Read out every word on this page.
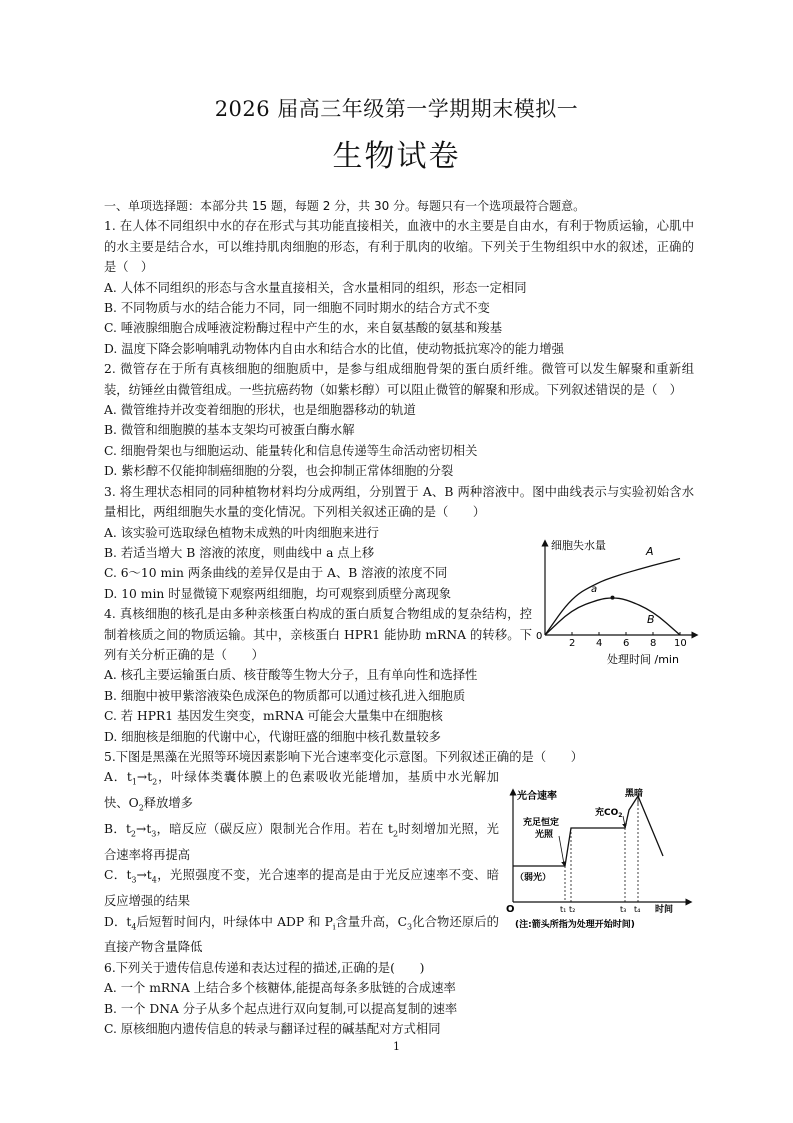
2026 届高三年级第一学期期末模拟一
生物试卷

一、单项选择题：本部分共 15 题，每题 2 分，共 30 分。每题只有一个选项最符合题意。

1. 在人体不同组织中水的存在形式与其功能直接相关，血液中的水主要是自由水，有利于物质运输，心肌中的水主要是结合水，可以维持肌肉细胞的形态，有利于肌肉的收缩。下列关于生物组织中水的叙述，正确的是（　）

A. 人体不同组织的形态与含水量直接相关，含水量相同的组织，形态一定相同

B. 不同物质与水的结合能力不同，同一细胞不同时期水的结合方式不变

C. 唾液腺细胞合成唾液淀粉酶过程中产生的水，来自氨基酸的氨基和羧基

D. 温度下降会影响哺乳动物体内自由水和结合水的比值，使动物抵抗寒冷的能力增强

2. 微管存在于所有真核细胞的细胞质中，是参与组成细胞骨架的蛋白质纤维。微管可以发生解聚和重新组装，纺锤丝由微管组成。一些抗癌药物（如紫杉醇）可以阻止微管的解聚和形成。下列叙述错误的是（　）

A. 微管维持并改变着细胞的形状，也是细胞器移动的轨道

B. 微管和细胞膜的基本支架均可被蛋白酶水解

C. 细胞骨架也与细胞运动、能量转化和信息传递等生命活动密切相关

D. 紫杉醇不仅能抑制癌细胞的分裂，也会抑制正常体细胞的分裂

3. 将生理状态相同的同种植物材料均分成两组，分别置于 A、B 两种溶液中。图中曲线表示与实验初始含水量相比，两组细胞失水量的变化情况。下列相关叙述正确的是（　　）

A. 该实验可选取绿色植物未成熟的叶肉细胞来进行

B. 若适当增大 B 溶液的浓度，则曲线中 a 点上移

C. 6～10 min 两条曲线的差异仅是由于 A、B 溶液的浓度不同

D. 10 min 时显微镜下观察两组细胞，均可观察到质壁分离现象

4. 真核细胞的核孔是由多种亲核蛋白构成的蛋白质复合物组成的复杂结构，控制着核质之间的物质运输。其中，亲核蛋白 HPR1 能协助 mRNA 的转移。下列有关分析正确的是（　　）

A. 核孔主要运输蛋白质、核苷酸等生物大分子，且有单向性和选择性

B. 细胞中被甲紫溶液染色成深色的物质都可以通过核孔进入细胞质

C. 若 HPR1 基因发生突变，mRNA 可能会大量集中在细胞核

D. 细胞核是细胞的代谢中心，代谢旺盛的细胞中核孔数量较多

5.下图是黑藻在光照等环境因素影响下光合速率变化示意图。下列叙述正确的是（　　）

A．$t_1\to t_2$，叶绿体类囊体膜上的色素吸收光能增加，基质中水光解加快、$O_2$释放增多

B．$t_2\to t_3$，暗反应（碳反应）限制光合作用。若在 $t_2$时刻增加光照，光合速率将再提高

C．$t_3\to t_4$，光照强度不变，光合速率的提高是由于光反应速率不变、暗反应增强的结果

D．$t_4$后短暂时间内，叶绿体中 ADP 和 $P_i$含量升高，$C_3$化合物还原后的直接产物含量降低

6.下列关于遗传信息传递和表达过程的描述,正确的是(　　)

A. 一个 mRNA 上结合多个核糖体,能提高每条多肽链的合成速率

B. 一个 DNA 分子从多个起点进行双向复制,可以提高复制的速率

C. 原核细胞内遗传信息的转录与翻译过程的碱基配对方式相同

细胞失水量
0
2 4 6 8 10
A
B
a
处理时间 /min
光合速率
充足恒定
光照
充$CO_2$
黑暗
（弱光）
O	t₁ t₂	t₃ t₄ 时间
(注:箭头所指为处理开始时间)
1
